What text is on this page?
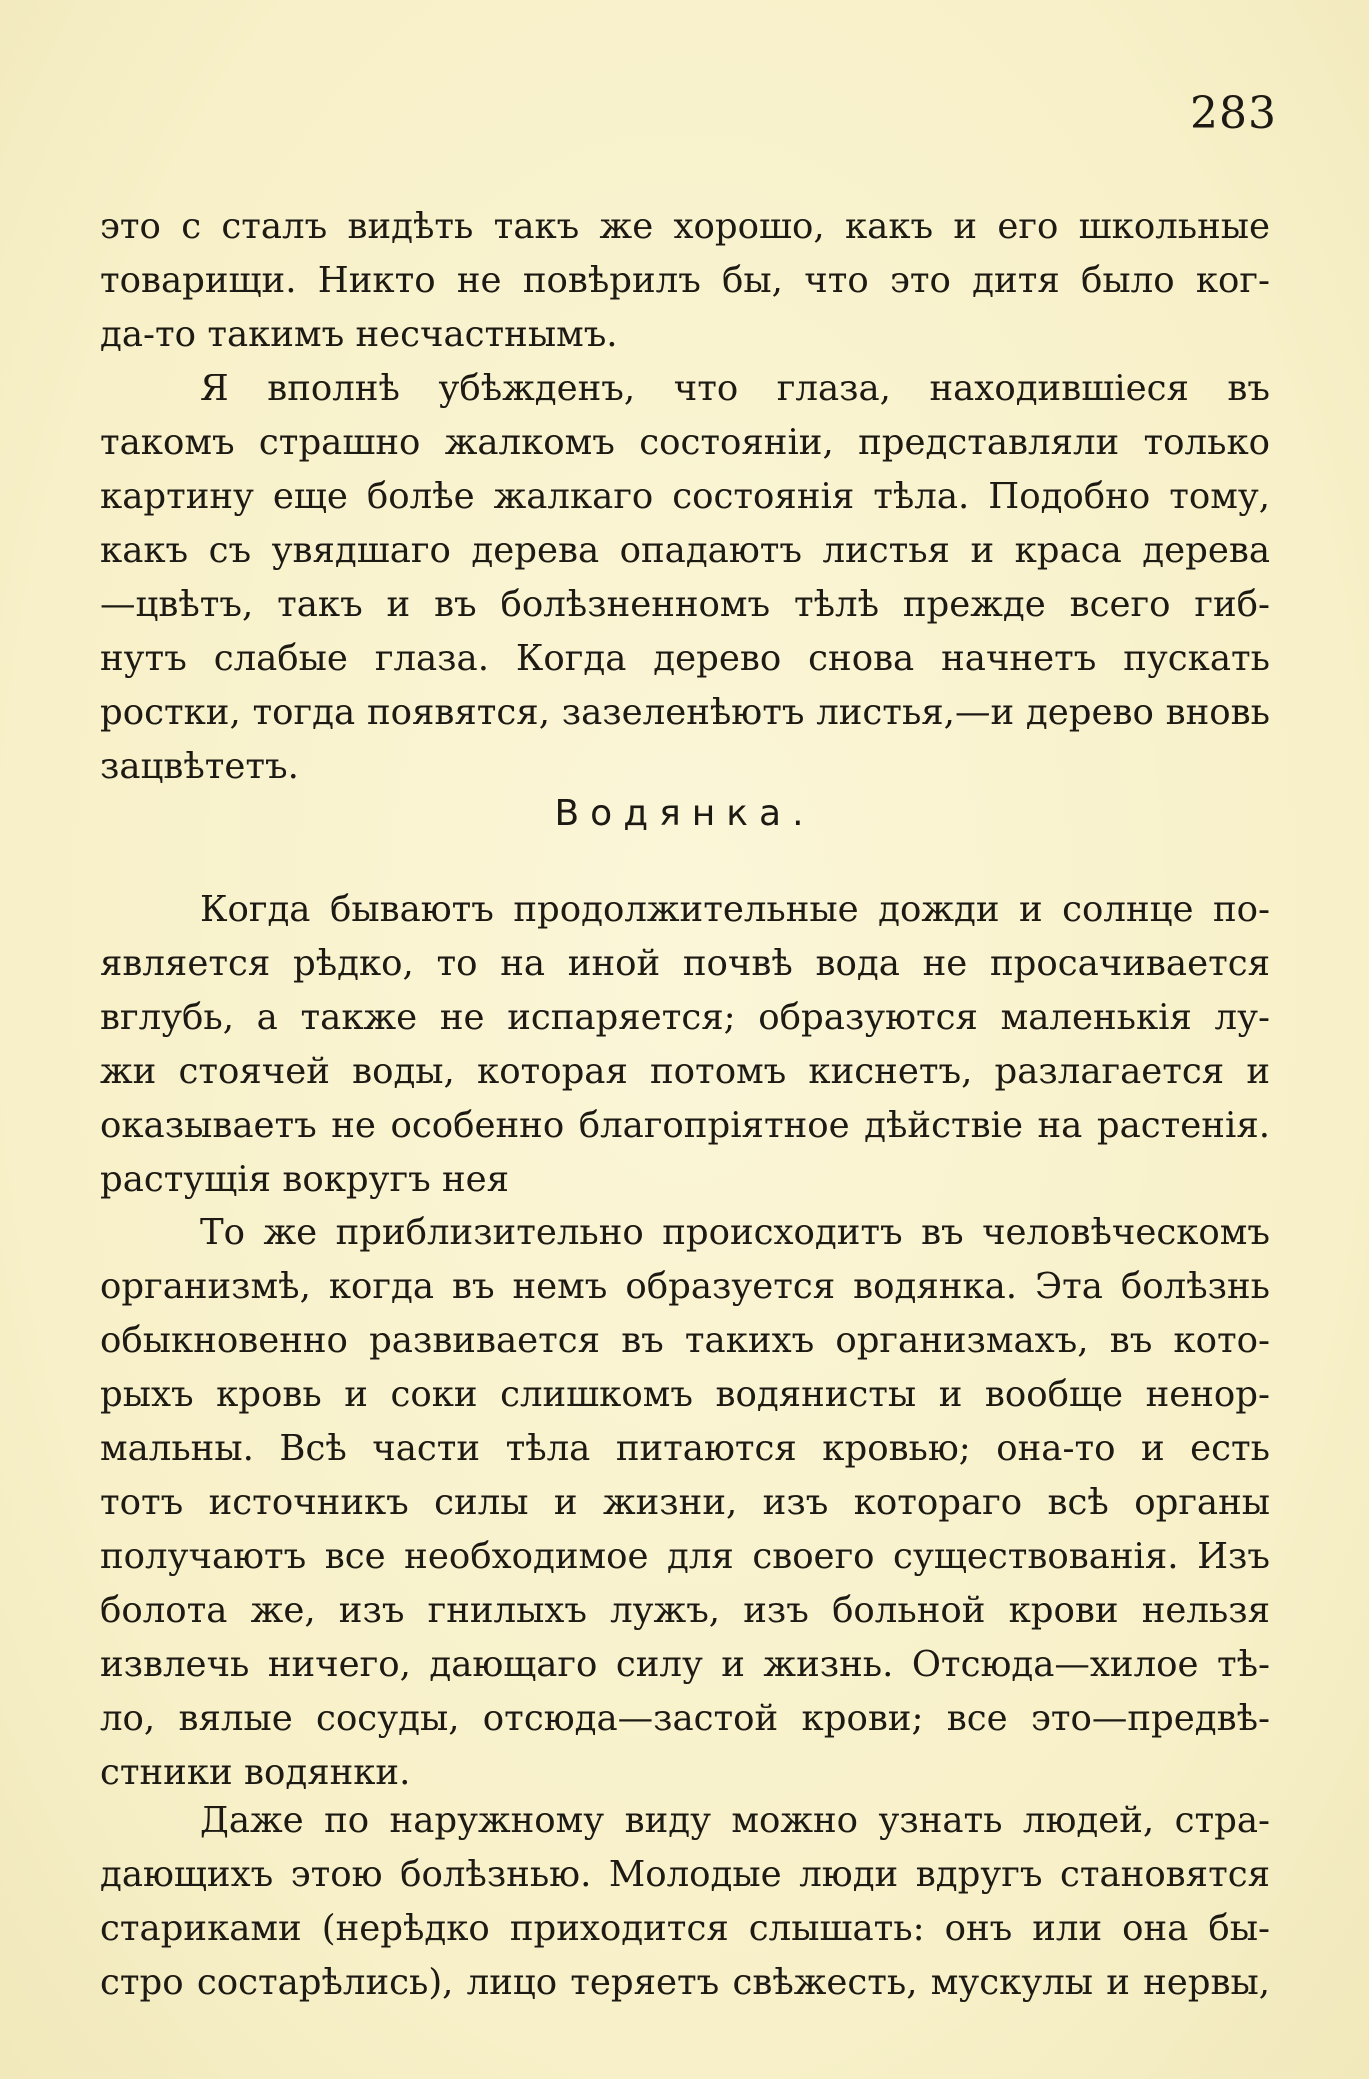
283
это с сталъ видѣть такъ же хорошо, какъ и его школьные
товарищи. Никто не повѣрилъ бы, что это дитя было ког-
да-то такимъ несчастнымъ.
Я вполнѣ убѣжденъ, что глаза, находившіеся въ
такомъ страшно жалкомъ состояніи, представляли только
картину еще болѣе жалкаго состоянія тѣла. Подобно тому,
какъ съ увядшаго дерева опадаютъ листья и краса дерева
—цвѣтъ, такъ и въ болѣзненномъ тѣлѣ прежде всего гиб-
нутъ слабые глаза. Когда дерево снова начнетъ пускать
ростки, тогда появятся, зазеленѣютъ листья,—и дерево вновь
зацвѣтетъ.
Водянка.
Когда бываютъ продолжительные дожди и солнце по-
является рѣдко, то на иной почвѣ вода не просачивается
вглубь, а также не испаряется; образуются маленькія лу-
жи стоячей воды, которая потомъ киснетъ, разлагается и
оказываетъ не особенно благопріятное дѣйствіе на растенія.
растущія вокругъ нея
То же приблизительно происходитъ въ человѣческомъ
организмѣ, когда въ немъ образуется водянка. Эта болѣзнь
обыкновенно развивается въ такихъ организмахъ, въ кото-
рыхъ кровь и соки слишкомъ водянисты и вообще ненор-
мальны. Всѣ части тѣла питаются кровью; она-то и есть
тотъ источникъ силы и жизни, изъ котораго всѣ органы
получаютъ все необходимое для своего существованія. Изъ
болота же, изъ гнилыхъ лужъ, изъ больной крови нельзя
извлечь ничего, дающаго силу и жизнь. Отсюда—хилое тѣ-
ло, вялые сосуды, отсюда—застой крови; все это—предвѣ-
стники водянки.
Даже по наружному виду можно узнать людей, стра-
дающихъ этою болѣзнью. Молодые люди вдругъ становятся
стариками (нерѣдко приходится слышать: онъ или она бы-
стро состарѣлись), лицо теряетъ свѣжесть, мускулы и нервы,
